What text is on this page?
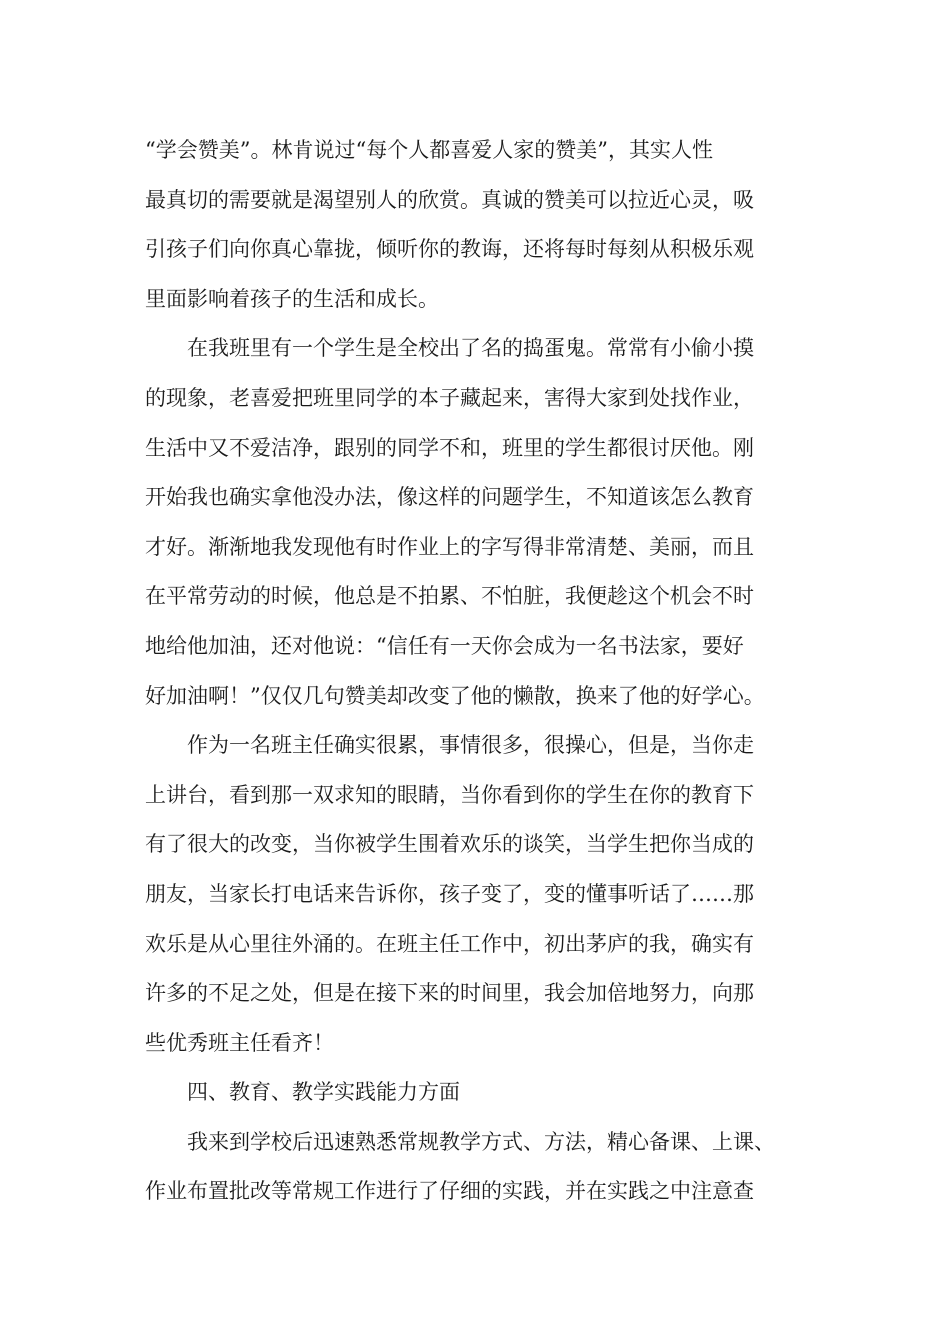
“学会赞美”。林肯说过“每个人都喜爱人家的赞美”，其实人性
最真切的需要就是渴望别人的欣赏。真诚的赞美可以拉近心灵，吸
引孩子们向你真心靠拢，倾听你的教诲，还将每时每刻从积极乐观
里面影响着孩子的生活和成长。
在我班里有一个学生是全校出了名的捣蛋鬼。常常有小偷小摸
的现象，老喜爱把班里同学的本子藏起来，害得大家到处找作业，
生活中又不爱洁净，跟别的同学不和，班里的学生都很讨厌他。刚
开始我也确实拿他没办法，像这样的问题学生，不知道该怎么教育
才好。渐渐地我发现他有时作业上的字写得非常清楚、美丽，而且
在平常劳动的时候，他总是不拍累、不怕脏，我便趁这个机会不时
地给他加油，还对他说：“信任有一天你会成为一名书法家，要好
好加油啊！”仅仅几句赞美却改变了他的懒散，换来了他的好学心。
作为一名班主任确实很累，事情很多，很操心，但是，当你走
上讲台，看到那一双求知的眼睛，当你看到你的学生在你的教育下
有了很大的改变，当你被学生围着欢乐的谈笑，当学生把你当成的
朋友，当家长打电话来告诉你，孩子变了，变的懂事听话了……那
欢乐是从心里往外涌的。在班主任工作中，初出茅庐的我，确实有
许多的不足之处，但是在接下来的时间里，我会加倍地努力，向那
些优秀班主任看齐！
四、教育、教学实践能力方面
我来到学校后迅速熟悉常规教学方式、方法，精心备课、上课、
作业布置批改等常规工作进行了仔细的实践，并在实践之中注意查
